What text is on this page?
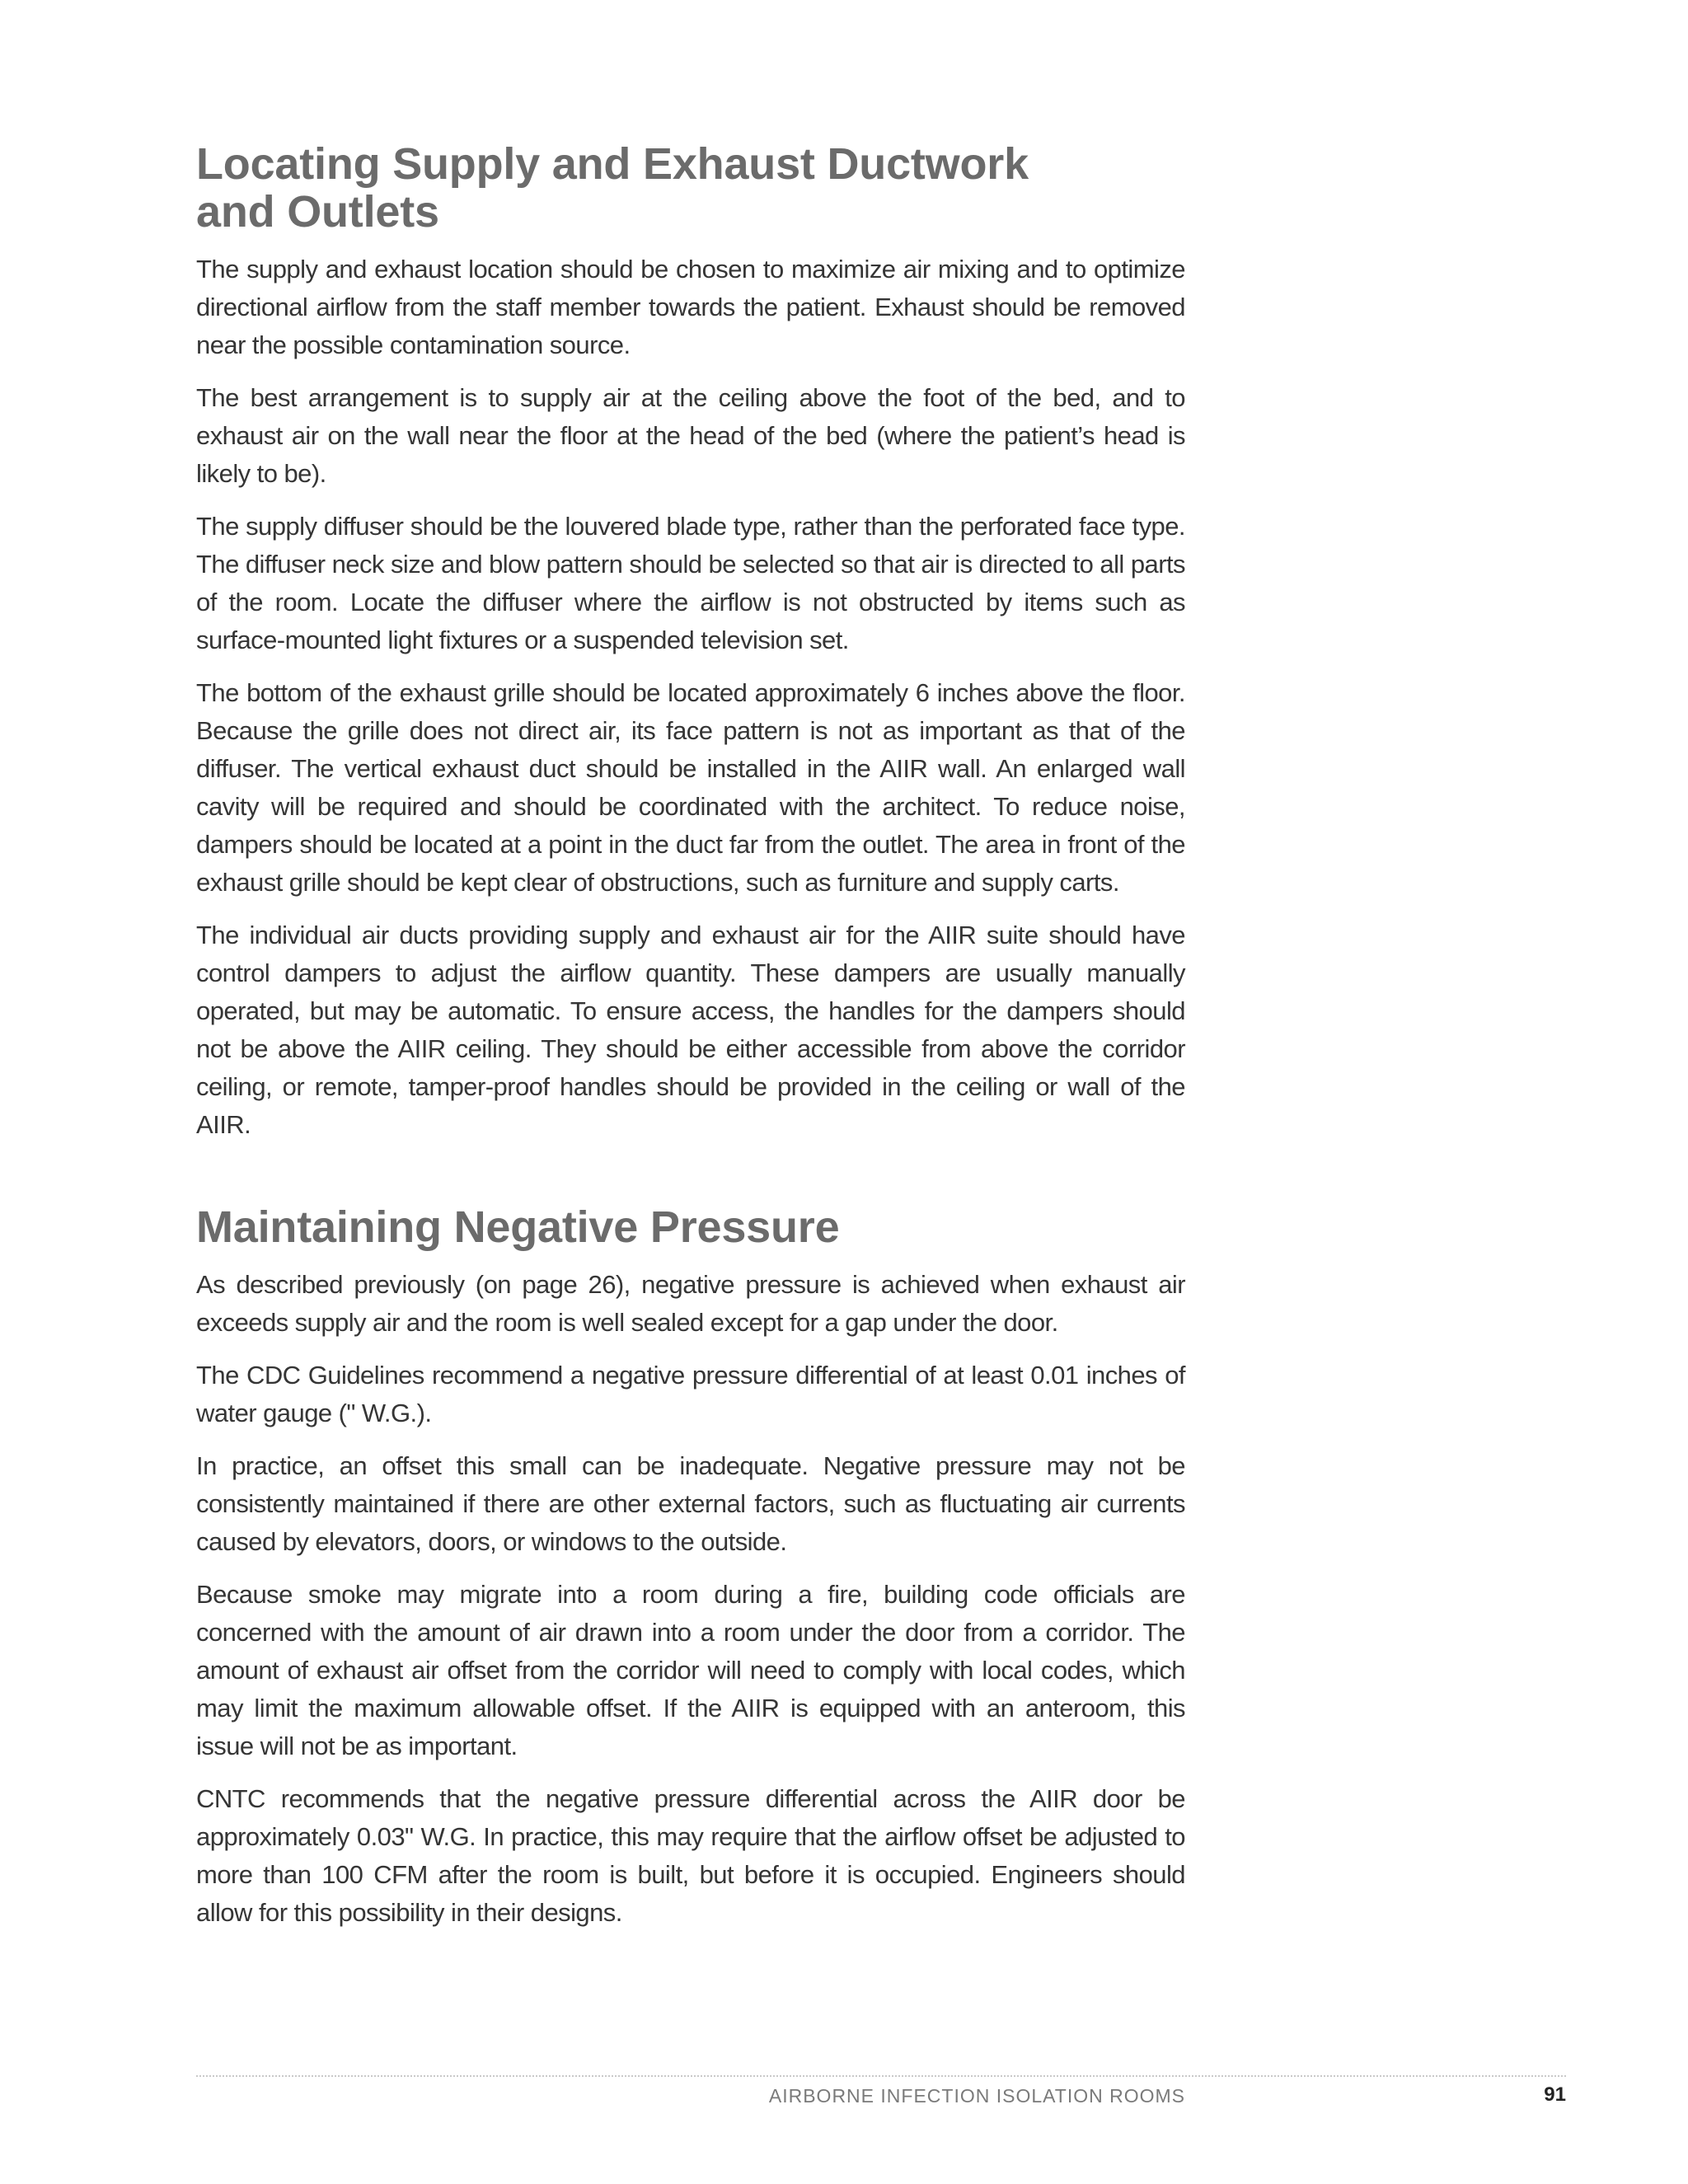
Locating Supply and Exhaust Ductwork and Outlets

The supply and exhaust location should be chosen to maximize air mixing and to optimize directional airflow from the staff member towards the patient. Exhaust should be removed near the possible contamination source.

The best arrangement is to supply air at the ceiling above the foot of the bed, and to exhaust air on the wall near the floor at the head of the bed (where the patient’s head is likely to be).

The supply diffuser should be the louvered blade type, rather than the perforated face type. The diffuser neck size and blow pattern should be selected so that air is directed to all parts of the room. Locate the diffuser where the airflow is not obstructed by items such as surface-mounted light fixtures or a suspended television set.

The bottom of the exhaust grille should be located approximately 6 inches above the floor. Because the grille does not direct air, its face pattern is not as important as that of the diffuser. The vertical exhaust duct should be installed in the AIIR wall. An enlarged wall cavity will be required and should be coordinated with the architect. To reduce noise, dampers should be located at a point in the duct far from the outlet. The area in front of the exhaust grille should be kept clear of obstructions, such as furniture and supply carts.

The individual air ducts providing supply and exhaust air for the AIIR suite should have control dampers to adjust the airflow quantity. These dampers are usually manually operated, but may be automatic. To ensure access, the handles for the dampers should not be above the AIIR ceiling. They should be either accessible from above the corridor ceiling, or remote, tamper-proof handles should be provided in the ceiling or wall of the AIIR.

Maintaining Negative Pressure

As described previously (on page 26), negative pressure is achieved when exhaust air exceeds supply air and the room is well sealed except for a gap under the door.

The CDC Guidelines recommend a negative pressure differential of at least 0.01 inches of water gauge (" W.G.).

In practice, an offset this small can be inadequate. Negative pressure may not be consistently maintained if there are other external factors, such as fluctuating air currents caused by elevators, doors, or windows to the outside.

Because smoke may migrate into a room during a fire, building code officials are concerned with the amount of air drawn into a room under the door from a corridor. The amount of exhaust air offset from the corridor will need to comply with local codes, which may limit the maximum allowable offset. If the AIIR is equipped with an anteroom, this issue will not be as important.

CNTC recommends that the negative pressure differential across the AIIR door be approximately 0.03" W.G. In practice, this may require that the airflow offset be adjusted to more than 100 CFM after the room is built, but before it is occupied. Engineers should allow for this possibility in their designs.

AIRBORNE INFECTION ISOLATION ROOMS	91
